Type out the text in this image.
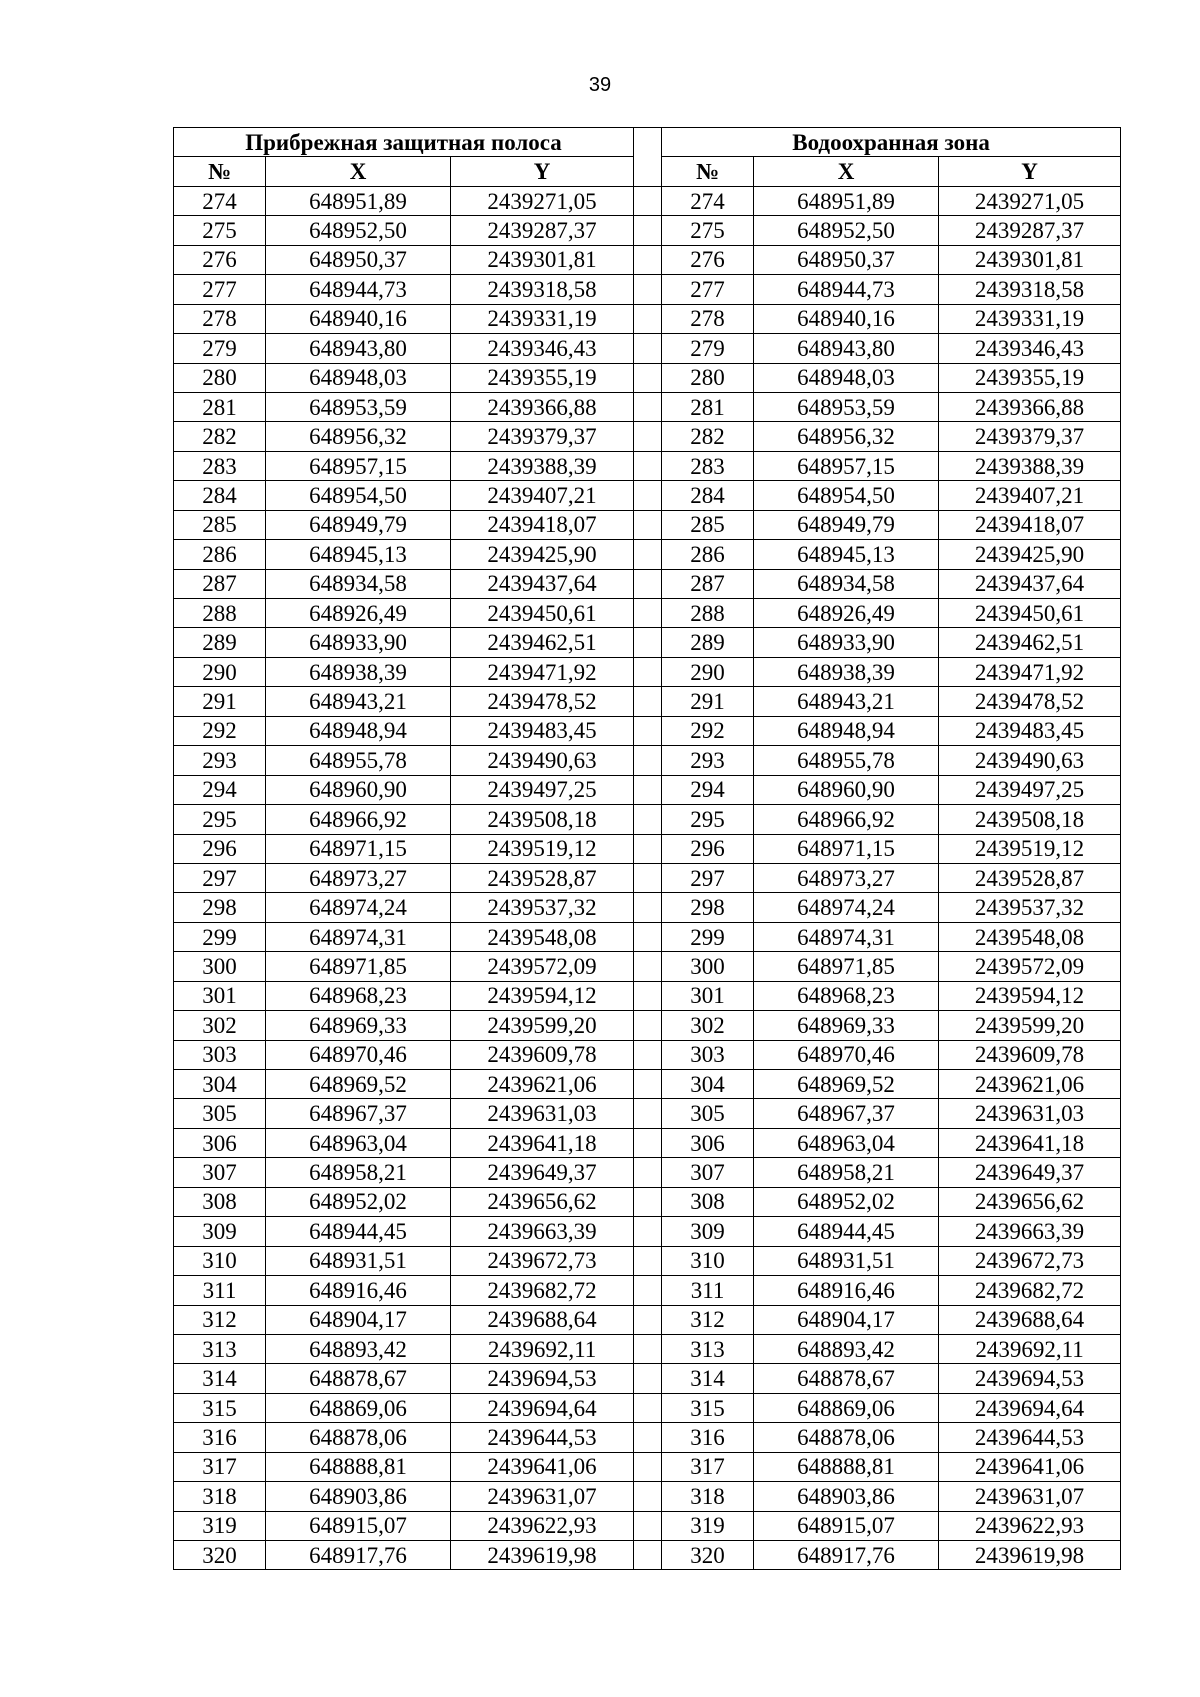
39
Прибрежная защитная полоса				Водоохранная зона		
№	X	Y		№	X	Y
274	648951,89	2439271,05		274	648951,89	2439271,05
275	648952,50	2439287,37		275	648952,50	2439287,37
276	648950,37	2439301,81		276	648950,37	2439301,81
277	648944,73	2439318,58		277	648944,73	2439318,58
278	648940,16	2439331,19		278	648940,16	2439331,19
279	648943,80	2439346,43		279	648943,80	2439346,43
280	648948,03	2439355,19		280	648948,03	2439355,19
281	648953,59	2439366,88		281	648953,59	2439366,88
282	648956,32	2439379,37		282	648956,32	2439379,37
283	648957,15	2439388,39		283	648957,15	2439388,39
284	648954,50	2439407,21		284	648954,50	2439407,21
285	648949,79	2439418,07		285	648949,79	2439418,07
286	648945,13	2439425,90		286	648945,13	2439425,90
287	648934,58	2439437,64		287	648934,58	2439437,64
288	648926,49	2439450,61		288	648926,49	2439450,61
289	648933,90	2439462,51		289	648933,90	2439462,51
290	648938,39	2439471,92		290	648938,39	2439471,92
291	648943,21	2439478,52		291	648943,21	2439478,52
292	648948,94	2439483,45		292	648948,94	2439483,45
293	648955,78	2439490,63		293	648955,78	2439490,63
294	648960,90	2439497,25		294	648960,90	2439497,25
295	648966,92	2439508,18		295	648966,92	2439508,18
296	648971,15	2439519,12		296	648971,15	2439519,12
297	648973,27	2439528,87		297	648973,27	2439528,87
298	648974,24	2439537,32		298	648974,24	2439537,32
299	648974,31	2439548,08		299	648974,31	2439548,08
300	648971,85	2439572,09		300	648971,85	2439572,09
301	648968,23	2439594,12		301	648968,23	2439594,12
302	648969,33	2439599,20		302	648969,33	2439599,20
303	648970,46	2439609,78		303	648970,46	2439609,78
304	648969,52	2439621,06		304	648969,52	2439621,06
305	648967,37	2439631,03		305	648967,37	2439631,03
306	648963,04	2439641,18		306	648963,04	2439641,18
307	648958,21	2439649,37		307	648958,21	2439649,37
308	648952,02	2439656,62		308	648952,02	2439656,62
309	648944,45	2439663,39		309	648944,45	2439663,39
310	648931,51	2439672,73		310	648931,51	2439672,73
311	648916,46	2439682,72		311	648916,46	2439682,72
312	648904,17	2439688,64		312	648904,17	2439688,64
313	648893,42	2439692,11		313	648893,42	2439692,11
314	648878,67	2439694,53		314	648878,67	2439694,53
315	648869,06	2439694,64		315	648869,06	2439694,64
316	648878,06	2439644,53		316	648878,06	2439644,53
317	648888,81	2439641,06		317	648888,81	2439641,06
318	648903,86	2439631,07		318	648903,86	2439631,07
319	648915,07	2439622,93		319	648915,07	2439622,93
320	648917,76	2439619,98		320	648917,76	2439619,98
